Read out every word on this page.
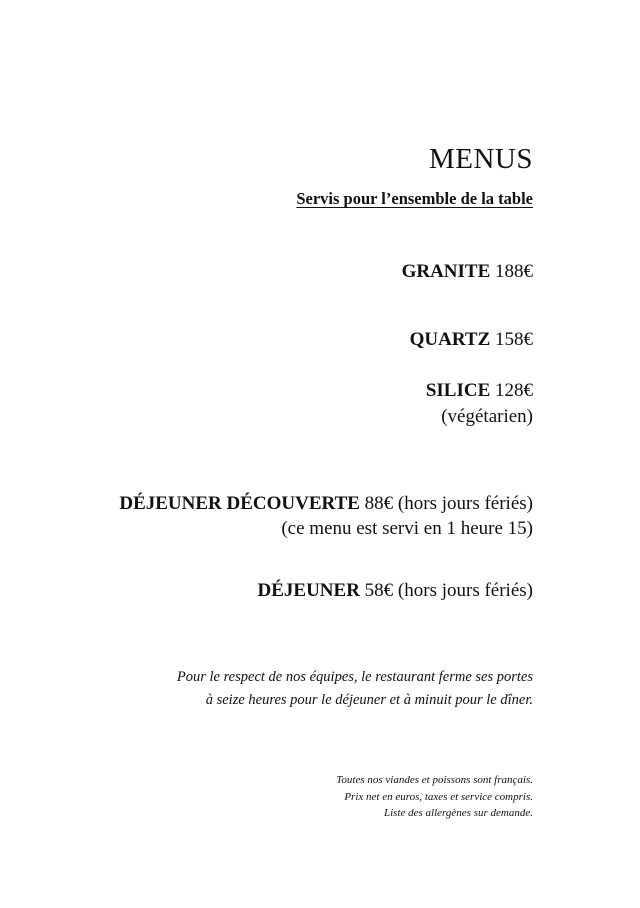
MENUS
Servis pour l’ensemble de la table
GRANITE 188€
QUARTZ 158€
SILICE 128€
(végétarien)
DÉJEUNER DÉCOUVERTE 88€ (hors jours fériés)
(ce menu est servi en 1 heure 15)
DÉJEUNER 58€ (hors jours fériés)
Pour le respect de nos équipes, le restaurant ferme ses portes
à seize heures pour le déjeuner et à minuit pour le dîner.
Toutes nos viandes et poissons sont français.
Prix net en euros, taxes et service compris.
Liste des allergènes sur demande.
